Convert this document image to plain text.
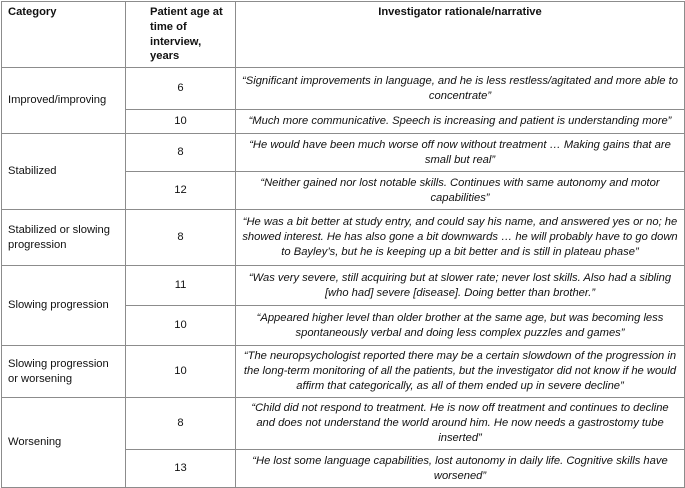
Category	Patient age at time of interview, years	Investigator rationale/narrative
Improved/improving	6	“Significant improvements in language, and he is less restless/agitated and more able to concentrate”
	10	“Much more communicative. Speech is increasing and patient is understanding more”
Stabilized	8	“He would have been much worse off now without treatment … Making gains that are small but real”
	12	“Neither gained nor lost notable skills. Continues with same autonomy and motor capabilities”
Stabilized or slowing progression	8	“He was a bit better at study entry, and could say his name, and answered yes or no; he showed interest. He has also gone a bit downwards … he will probably have to go down to Bayley’s, but he is keeping up a bit better and is still in plateau phase”
Slowing progression	11	“Was very severe, still acquiring but at slower rate; never lost skills. Also had a sibling [who had] severe [disease]. Doing better than brother.”
	10	“Appeared higher level than older brother at the same age, but was becoming less spontaneously verbal and doing less complex puzzles and games”
Slowing progression or worsening	10	“The neuropsychologist reported there may be a certain slowdown of the progression in the long-term monitoring of all the patients, but the investigator did not know if he would affirm that categorically, as all of them ended up in severe decline”
Worsening	8	“Child did not respond to treatment. He is now off treatment and continues to decline and does not understand the world around him. He now needs a gastrostomy tube inserted”
	13	“He lost some language capabilities, lost autonomy in daily life. Cognitive skills have worsened”
